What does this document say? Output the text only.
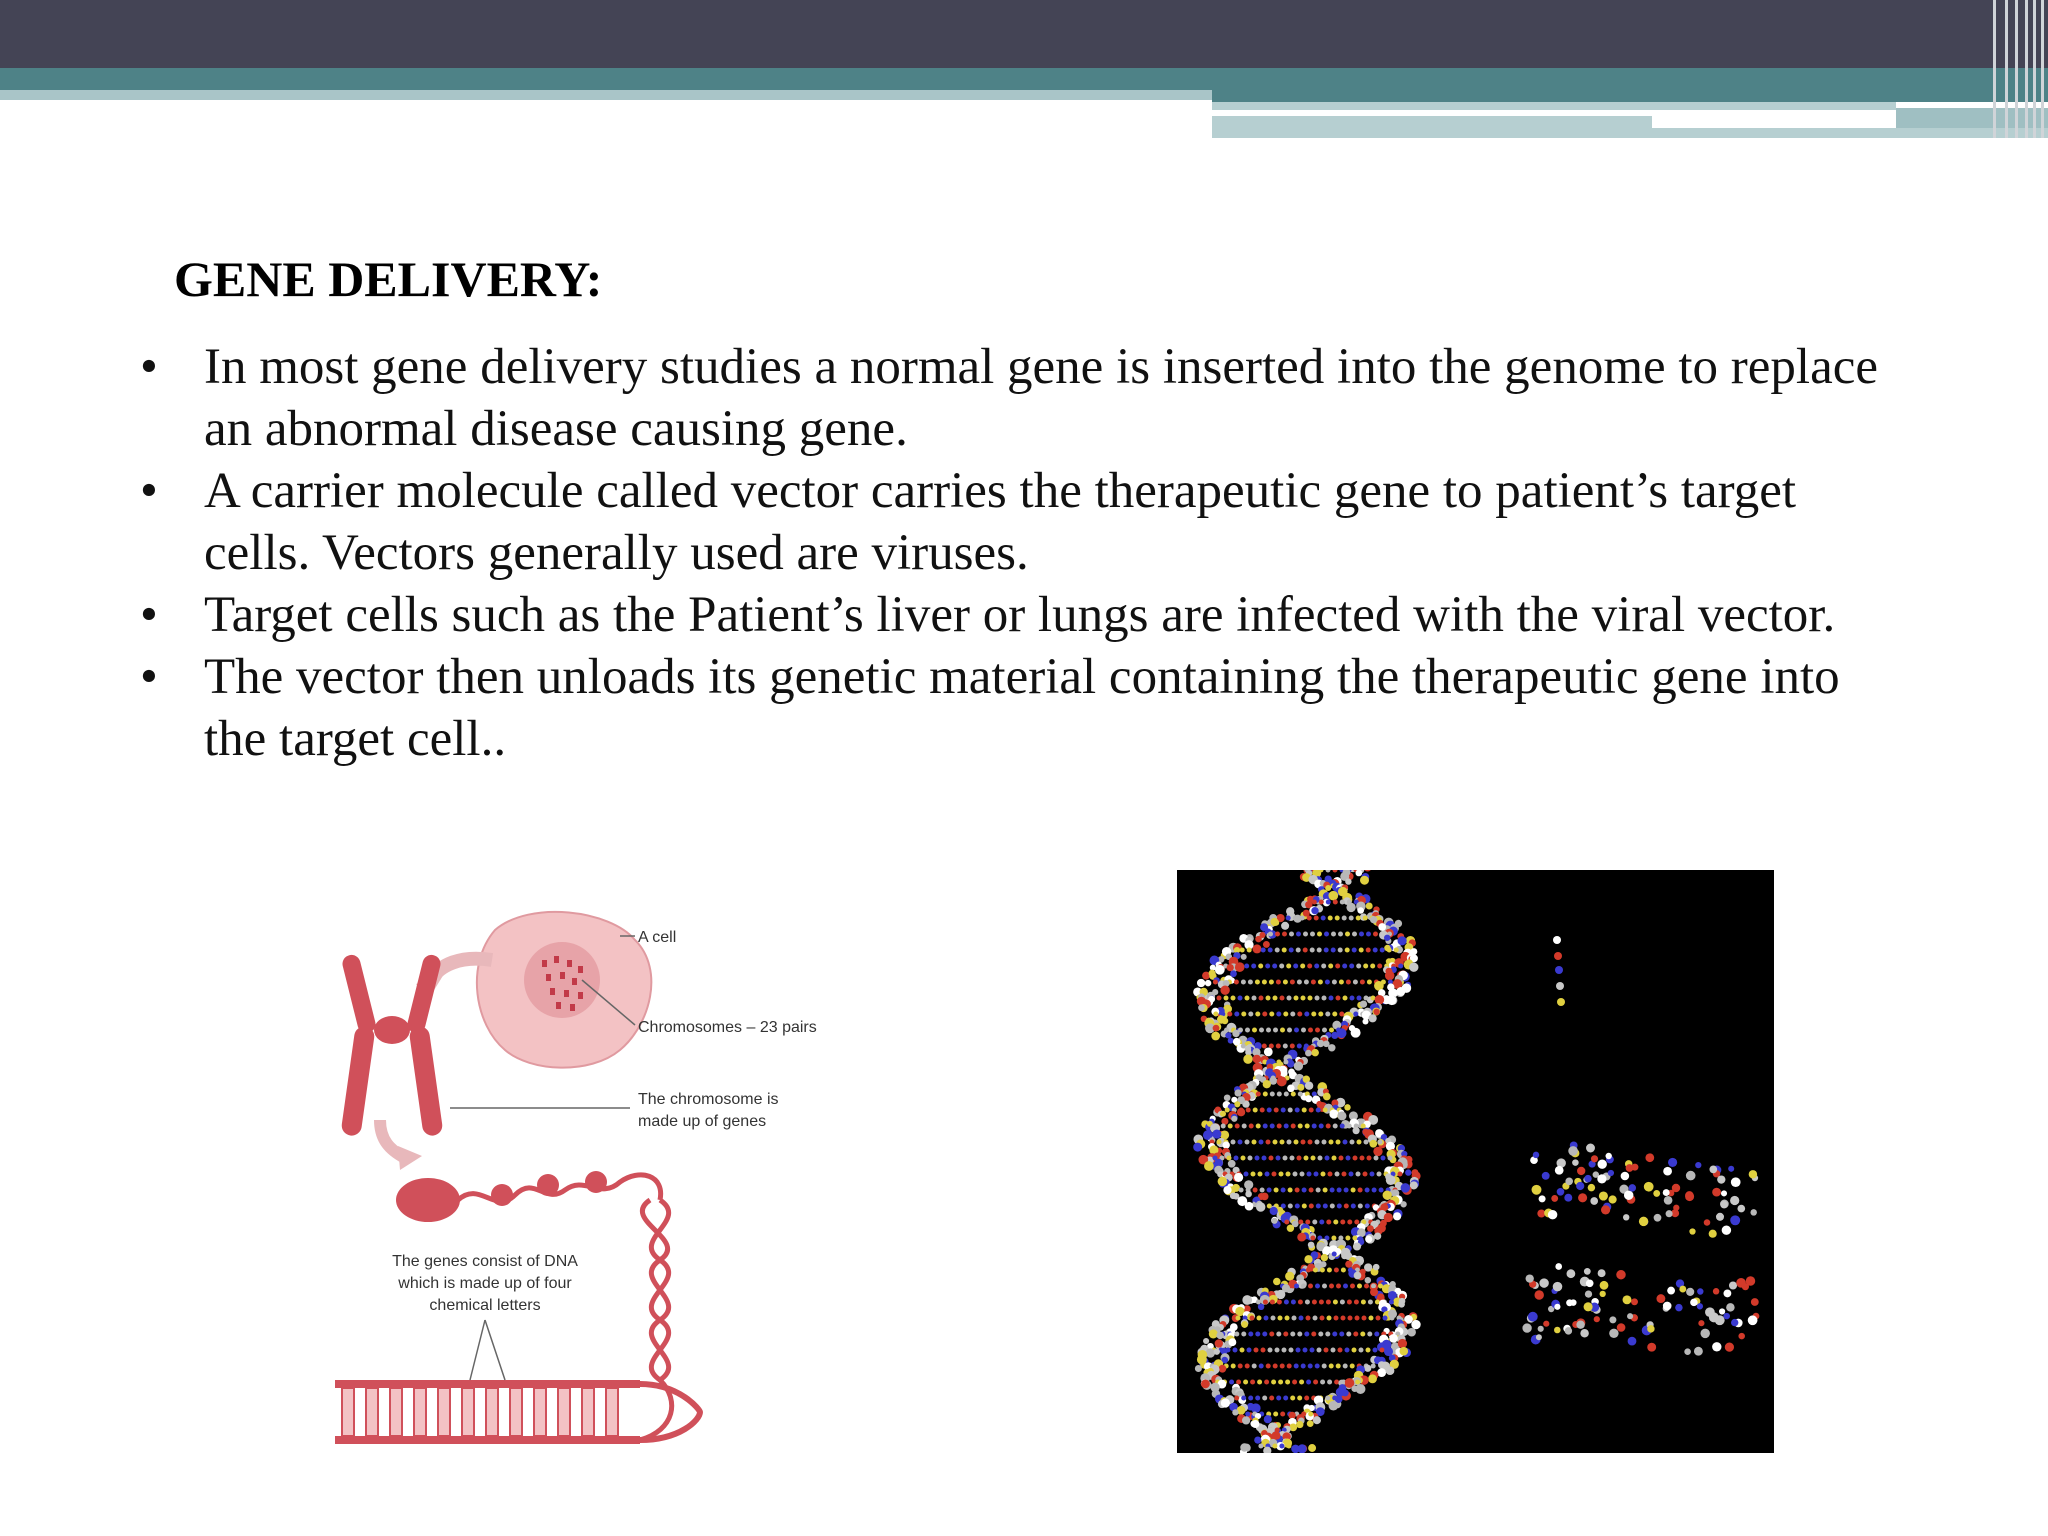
GENE DELIVERY:
• In most gene delivery studies a normal gene is inserted into the genome to replace an abnormal disease causing gene.
• A carrier molecule called vector carries the therapeutic gene to patient’s target cells. Vectors generally used are viruses.
• Target cells such as the Patient’s liver or lungs are infected with the viral vector.
• The vector then unloads its genetic material containing the therapeutic gene into the target cell..
A cell
Chromosomes – 23 pairs
The chromosome is
made up of genes
The genes consist of DNA
which is made up of four
chemical letters
